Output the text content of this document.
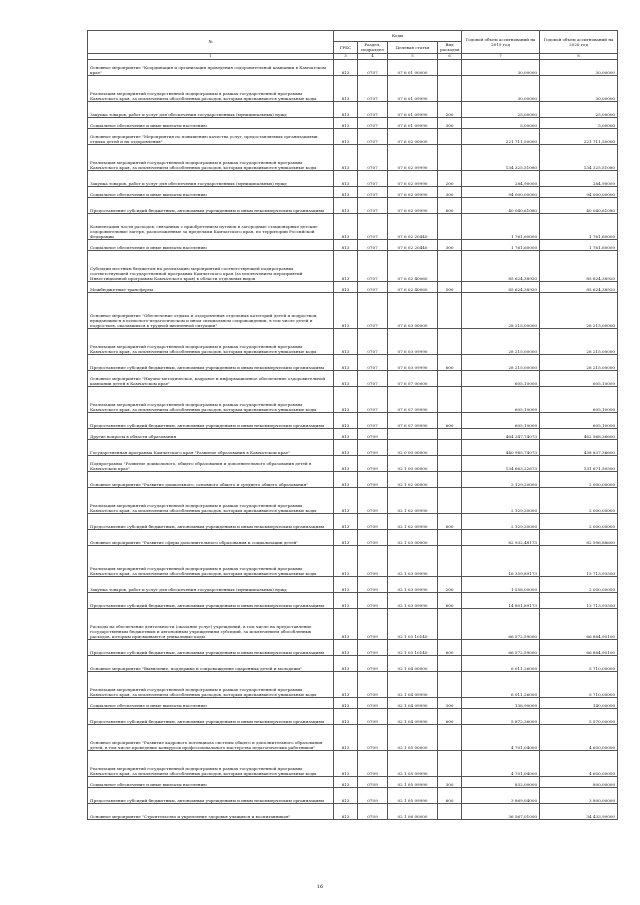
№	Коды				Годовой объем ассигнований на 2019 год	Годовой объем ассигнований на 2020 год
	ГРБС	Раздел, подраздел	Целевая статья	Вид расходов		
1	3	4	5	6	7	8
Основное мероприятие "Координация и организация проведения оздоровительной кампании в Камчатском крае"	813	0707	07 6 01 00000		30,00000	30,00000
Реализация мероприятий государственной подпрограммы в рамках государственной программы Камчатского края, за исключением обособленных расходов, которым присваиваются уникальные коды	813	0707	07 6 01 09990		30,00000	30,00000
Закупка товаров, работ и услуг для обеспечения государственных (муниципальных) нужд	813	0707	07 6 01 09990	200	25,00000	25,00000
Социальное обеспечение и иные выплаты населению	813	0707	07 6 01 09990	300	5,00000	5,00000
Основное мероприятие "Мероприятия по повышению качества услуг, предоставляемых организациями отдыха детей и их оздоровления"	813	0707	07 6 02 00000		221 711,50000	221 711,50000
Реализация мероприятий государственной подпрограммы в рамках государственной программы Камчатского края, за исключением обособленных расходов, которым присваиваются уникальные коды	813	0707	07 6 02 09990		134 325,51080	134 325,51080
Закупка товаров, работ и услуг для обеспечения государственных (муниципальных) нужд	813	0707	07 6 02 09990	200	284,90000	284,90000
Социальное обеспечение и иные выплаты населению	813	0707	07 6 02 09990	300	94 000,00000	94 000,00000
Предоставление субсидий бюджетным, автономным учреждениям и иным некоммерческим организациям	813	0707	07 6 02 09990	600	40 040,61080	40 040,61080
Компенсация части расходов, связанных с приобретением путевок в загородные стационарные детские оздоровительные лагеря, расположенные за пределами Камчатского края, по территории Российской Федерации	813	0707	07 6 02 20440		1 761,60000	1 761,60000
Социальное обеспечение и иные выплаты населению	813	0707	07 6 02 20440	300	1 761,60000	1 761,60000
Субсидии местным бюджетам на реализацию мероприятий соответствующей подпрограммы соответствующей государственной программы Камчатского края (за исключением мероприятий Инвестиционной программы Камчатского края) в области отдельных видов	813	0707	07 6 02 40060		85 624,38920	85 624,38920
Межбюджетные трансферты	813	0707	07 6 02 40060	500	85 624,38920	85 624,38920
Основное мероприятие "Обеспечение отдыха и оздоровления отдельных категорий детей и подростков, нуждающихся в психолого-педагогическом и ином специальном сопровождении, в том числе детей и подростков, оказавшихся в трудной жизненной ситуации"	813	0707	07 6 03 00000		28 215,00000	28 215,00000
Реализация мероприятий государственной подпрограммы в рамках государственной программы Камчатского края, за исключением обособленных расходов, которым присваиваются уникальные коды	813	0707	07 6 03 09990		28 215,00000	28 215,00000
Предоставление субсидий бюджетным, автономным учреждениям и иным некоммерческим организациям	813	0707	07 6 03 09990	600	28 215,00000	28 215,00000
Основное мероприятие "Научно-методическое, кадровое и информационное обеспечение оздоровительной кампании детей в Камчатском крае"	813	0707	07 6 07 00000		605,10000	605,10000
Реализация мероприятий государственной подпрограммы в рамках государственной программы Камчатского края, за исключением обособленных расходов, которым присваиваются уникальные коды	813	0707	07 6 07 09990		605,10000	605,10000
Предоставление субсидий бюджетным, автономным учреждениям и иным некоммерческим организациям	813	0707	07 6 07 09990	600	605,10000	605,10000
Другие вопросы в области образования	813	0709			464 347,74073	462 968,36600
Государственная программа Камчатского края "Развитие образования в Камчатском крае"	813	0709	02 0 00 00000		440 985,74073	438 837,36600
Подпрограмма "Развитие дошкольного, общего образования и дополнительного образования детей в Камчатском крае"	813	0709	02 1 00 00000		134 663,22673	131 671,50500
Основное мероприятие "Развитие дошкольного, основного общего и среднего общего образования"	813	0709	02 1 02 00000		2 129,20000	2 000,00000
Реализация мероприятий государственной подпрограммы в рамках государственной программы Камчатского края, за исключением обособленных расходов, которым присваиваются уникальные коды	813	0709	02 1 02 09990		2 129,20000	2 000,00000
Предоставление субсидий бюджетным, автономным учреждениям и иным некоммерческим организациям	813	0709	02 1 02 09990	600	2 129,20000	2 000,00000
Основное мероприятие "Развитие сферы дополнительного образования и социализации детей"	813	0709	02 1 03 00000		82 932,48173	82 596,88600
Реализация мероприятий государственной подпрограммы в рамках государственной программы Камчатского края, за исключением обособленных расходов, которым присваиваются уникальные коды	813	0709	02 1 03 09990		16 359,89173	15 713,93500
Закупка товаров, работ и услуг для обеспечения государственных (муниципальных) нужд	813	0709	02 1 03 09990	200	1 558,00000	2 000,00000
Предоставление субсидий бюджетным, автономным учреждениям и иным некоммерческим организациям	813	0709	02 1 03 09990	600	14 801,89173	13 713,93500
Расходы на обеспечение деятельности (оказание услуг) учреждений, в том числе на предоставление государственным бюджетным и автономным учреждениям субсидий, за исключением обособленных расходов, которым присваиваются уникальные коды	813	0709	02 1 03 10140		66 572,59000	66 884,95100
Предоставление субсидий бюджетным, автономным учреждениям и иным некоммерческим организациям	813	0709	02 1 03 10140	600	66 572,59000	66 884,95100
Основное мероприятие "Выявление, поддержка и сопровождение одаренных детей и молодежи"	813	0709	02 1 04 00000		6 011,26000	5 710,00000
Реализация мероприятий государственной подпрограммы в рамках государственной программы Камчатского края, за исключением обособленных расходов, которым присваиваются уникальные коды	813	0709	02 1 04 09990		6 011,26000	5 710,00000
Социальное обеспечение и иные выплаты населению	813	0709	02 1 04 09990	300	138,90000	140,00000
Предоставление субсидий бюджетным, автономным учреждениям и иным некоммерческим организациям	813	0709	02 1 04 09990	600	5 872,36000	5 570,00000
Основное мероприятие "Развитие кадрового потенциала системы общего и дополнительного образования детей, в том числе проведение конкурсов профессионального мастерства педагогических работников"	813	0709	02 1 05 00000		4 701,04000	4 600,00000
Реализация мероприятий государственной подпрограммы в рамках государственной программы Камчатского края, за исключением обособленных расходов, которым присваиваются уникальные коды	813	0709	02 1 05 09990		4 701,04000	4 600,00000
Социальное обеспечение и иные выплаты населению	813	0709	02 1 05 09990	300	832,00000	800,00000
Предоставление субсидий бюджетным, автономным учреждениям и иным некоммерческим организациям	813	0709	02 1 05 09990	600	3 869,04000	3 800,00000
Основное мероприятие "Строительство и укрепление здоровья учащихся и воспитанников"	813	0709	02 1 06 00000		36 567,01000	34 433,90000
16
